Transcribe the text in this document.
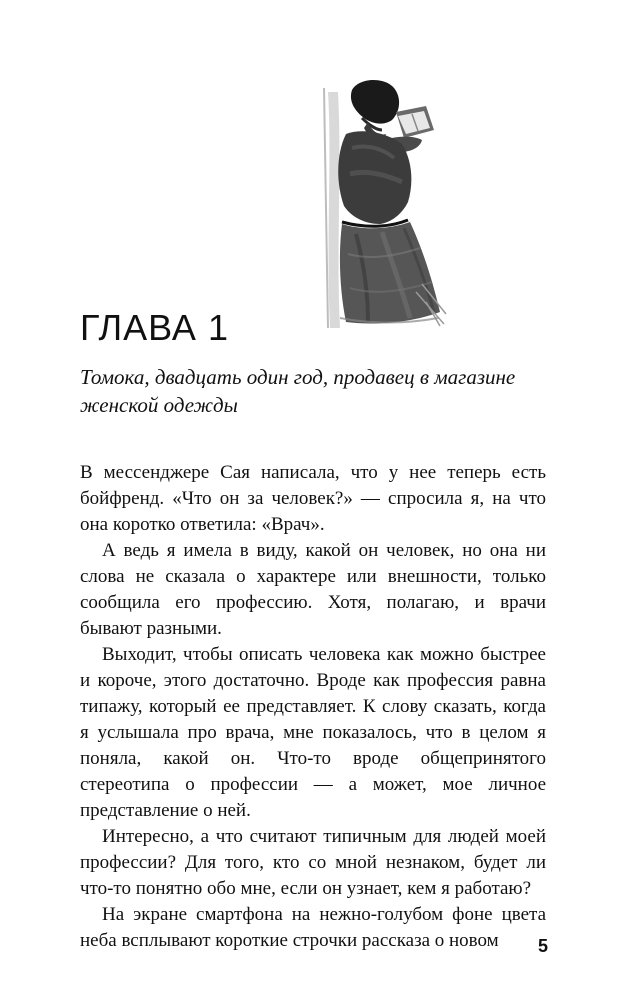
ГЛАВА 1

Томока, двадцать один год, продавец в магазине женской одежды

В мессенджере Сая написала, что у нее теперь есть бойфренд. «Что он за человек?» — спросила я, на что она коротко ответила: «Врач».

А ведь я имела в виду, какой он человек, но она ни слова не сказала о характере или внешности, только сообщила его профессию. Хотя, полагаю, и врачи бывают разными.

Выходит, чтобы описать человека как можно быстрее и короче, этого достаточно. Вроде как профессия равна типажу, который ее представляет. К слову сказать, когда я услышала про врача, мне показалось, что в целом я поняла, какой он. Что-то вроде общепринятого стереотипа о профессии — а может, мое личное представление о ней.

Интересно, а что считают типичным для людей моей профессии? Для того, кто со мной незнаком, будет ли что-то понятно обо мне, если он узнает, кем я работаю?

На экране смартфона на нежно-голубом фоне цвета неба всплывают короткие строчки рассказа о новом	5
